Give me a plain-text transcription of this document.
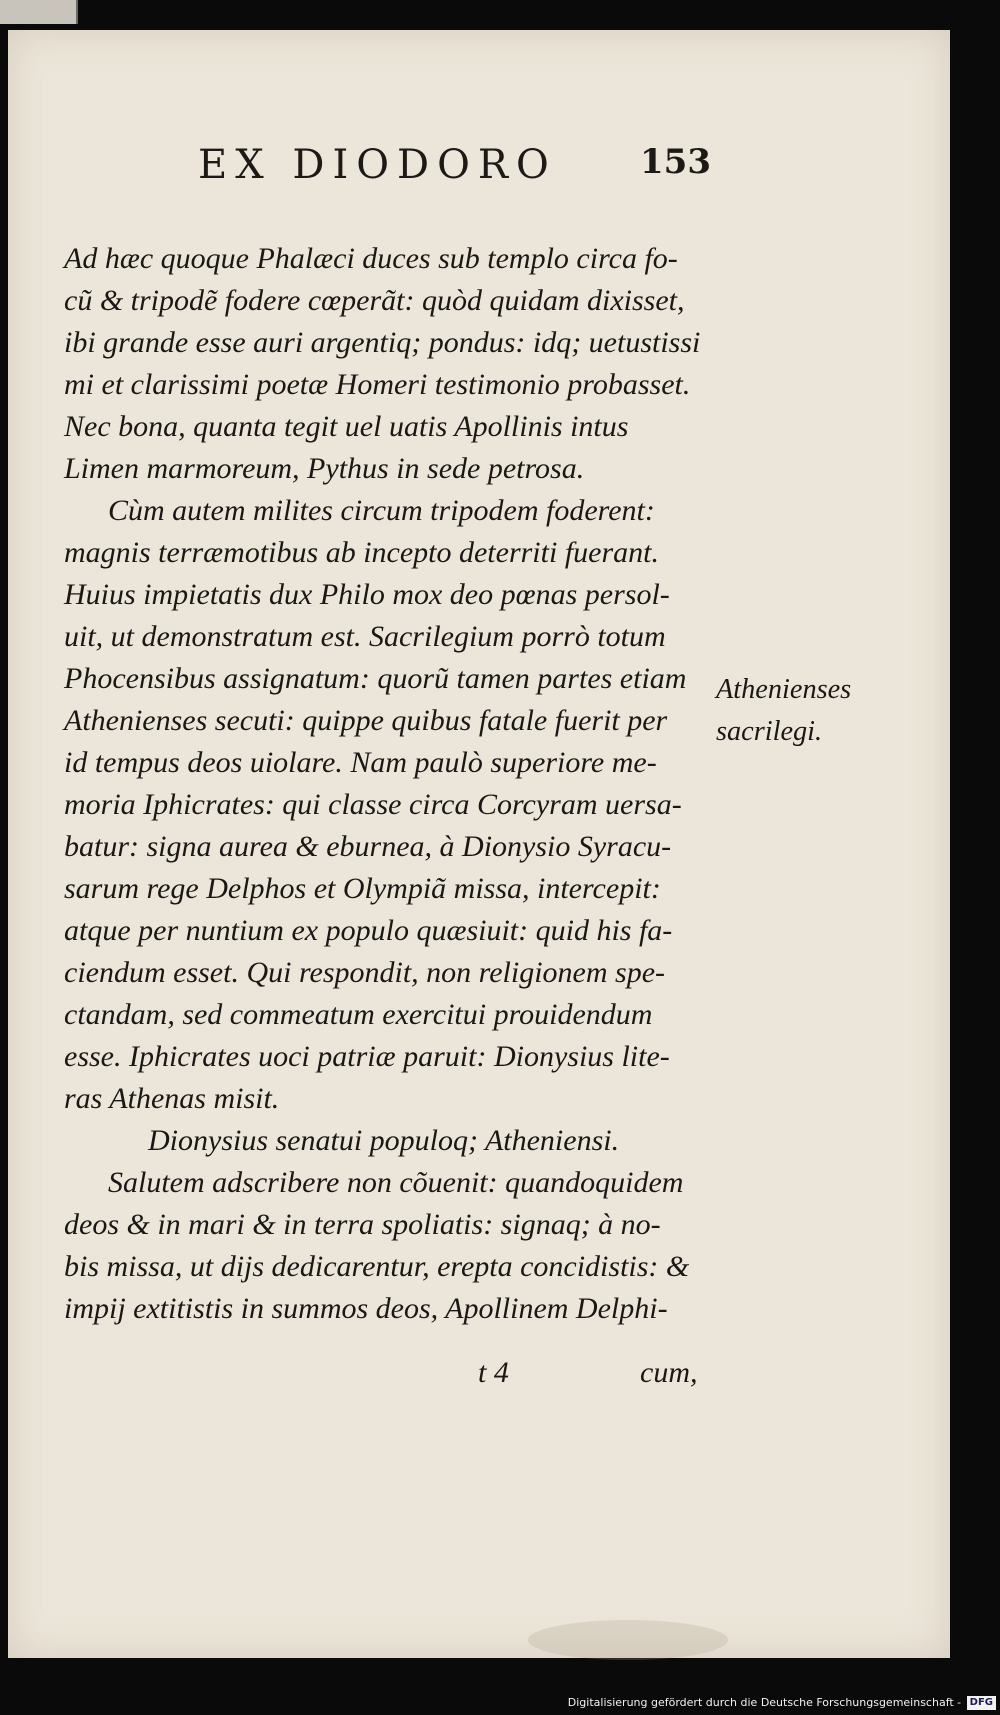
EX DIODORO 153
Ad hæc quoque Phalæci duces sub templo circa fo-
cũ & tripodẽ fodere cœperãt: quòd quidam dixisset,
ibi grande esse auri argentiq; pondus: idq; uetustissi
mi et clarissimi poetæ Homeri testimonio probasset.
Nec bona, quanta tegit uel uatis Apollinis intus
Limen marmoreum, Pythus in sede petrosa.
Cùm autem milites circum tripodem foderent:
magnis terræmotibus ab incepto deterriti fuerant.
Huius impietatis dux Philo mox deo pœnas persol-
uit, ut demonstratum est. Sacrilegium porrò totum
Phocensibus assignatum: quorũ tamen partes etiam
Athenienses secuti: quippe quibus fatale fuerit per
id tempus deos uiolare. Nam paulò superiore me-
moria Iphicrates: qui classe circa Corcyram uersa-
batur: signa aurea & eburnea, à Dionysio Syracu-
sarum rege Delphos et Olympiã missa, intercepit:
atque per nuntium ex populo quæsiuit: quid his fa-
ciendum esset. Qui respondit, non religionem spe-
ctandam, sed commeatum exercitui prouidendum
esse. Iphicrates uoci patriæ paruit: Dionysius lite-
ras Athenas misit.
Dionysius senatui populoq; Atheniensi.
Salutem adscribere non cõuenit: quandoquidem
deos & in mari & in terra spoliatis: signaq; à no-
bis missa, ut dijs dedicarentur, erepta concidistis: &
impij extitistis in summos deos, Apollinem Delphi-
Athenienses
sacrilegi.
t 4	cum,
Digitalisierung gefördert durch die Deutsche Forschungsgemeinschaft - DFG
